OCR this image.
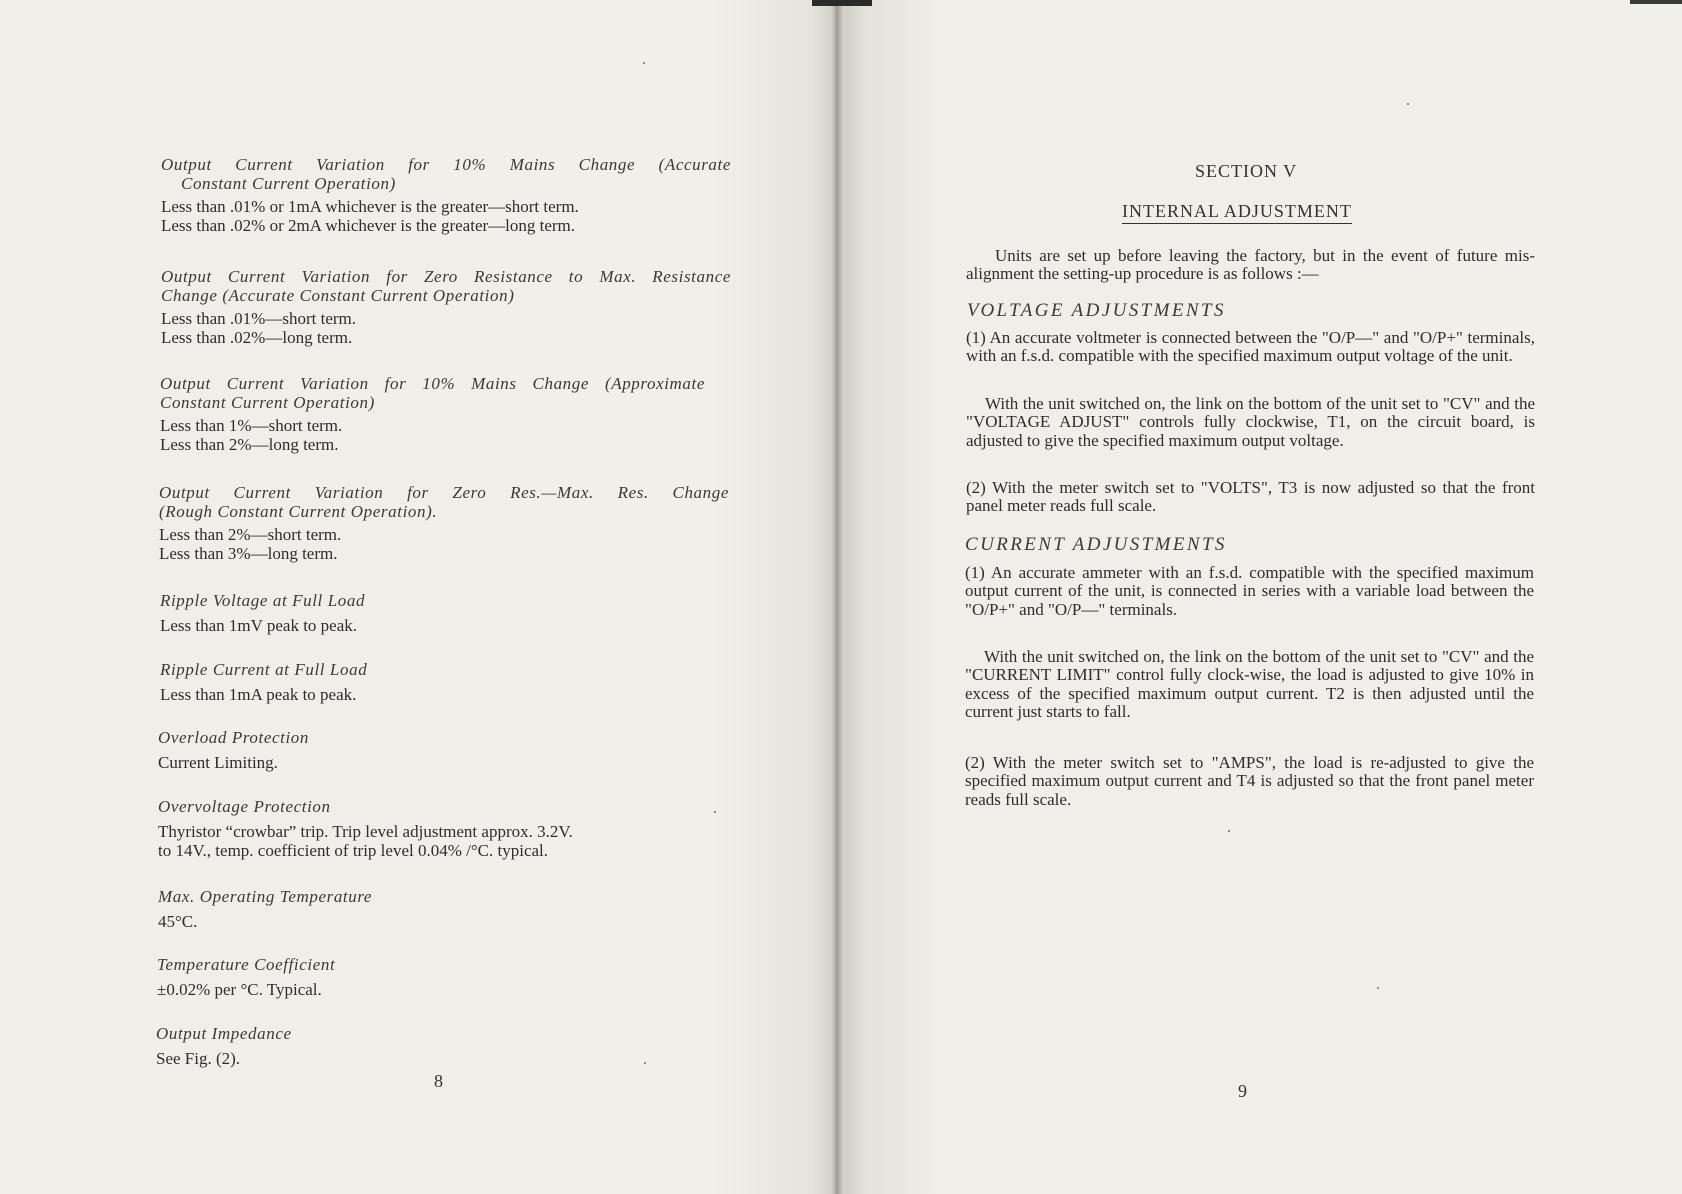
Output Current Variation for 10% Mains Change (Accurate
Constant Current Operation)
Less than .01% or 1mA whichever is the greater—short term.
Less than .02% or 2mA whichever is the greater—long term.
Output Current Variation for Zero Resistance to Max. Resistance
Change (Accurate Constant Current Operation)
Less than .01%—short term.
Less than .02%—long term.
Output Current Variation for 10% Mains Change (Approximate
Constant Current Operation)
Less than 1%—short term.
Less than 2%—long term.
Output Current Variation for Zero Res.—Max. Res. Change
(Rough Constant Current Operation).
Less than 2%—short term.
Less than 3%—long term.
Ripple Voltage at Full Load
Less than 1mV peak to peak.
Ripple Current at Full Load
Less than 1mA peak to peak.
Overload Protection
Current Limiting.
Overvoltage Protection
Thyristor “crowbar” trip. Trip level adjustment approx. 3.2V.
to 14V., temp. coefficient of trip level 0.04% /°C. typical.
Max. Operating Temperature
45°C.
Temperature Coefficient
±0.02% per °C. Typical.
Output Impedance
See Fig. (2).
8
SECTION V
INTERNAL ADJUSTMENT
Units are set up before leaving the factory, but in the event of future mis-alignment the setting-up procedure is as follows :—
VOLTAGE ADJUSTMENTS
(1) An accurate voltmeter is connected between the "O/P—" and "O/P+" terminals, with an f.s.d. compatible with the specified maximum output voltage of the unit.
With the unit switched on, the link on the bottom of the unit set to "CV" and the "VOLTAGE ADJUST" controls fully clockwise, T1, on the circuit board, is adjusted to give the specified maximum output voltage.
(2) With the meter switch set to "VOLTS", T3 is now adjusted so that the front panel meter reads full scale.
CURRENT ADJUSTMENTS
(1) An accurate ammeter with an f.s.d. compatible with the specified maximum output current of the unit, is connected in series with a variable load between the "O/P+" and "O/P—" terminals.
With the unit switched on, the link on the bottom of the unit set to "CV" and the "CURRENT LIMIT" control fully clock-wise, the load is adjusted to give 10% in excess of the specified maximum output current. T2 is then adjusted until the current just starts to fall.
(2) With the meter switch set to "AMPS", the load is re-adjusted to give the specified maximum output current and T4 is adjusted so that the front panel meter reads full scale.
9
